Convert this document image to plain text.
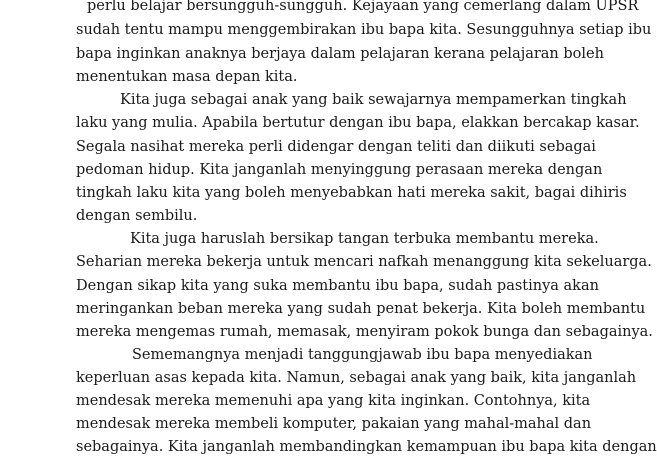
perlu belajar bersungguh-sungguh. Kejayaan yang cemerlang dalam UPSR

sudah tentu mampu menggembirakan ibu bapa kita. Sesungguhnya setiap ibu

bapa inginkan anaknya berjaya dalam pelajaran kerana pelajaran boleh

menentukan masa depan kita.

Kita juga sebagai anak yang baik sewajarnya mempamerkan tingkah

laku yang mulia. Apabila bertutur dengan ibu bapa, elakkan bercakap kasar.

Segala nasihat mereka perli didengar dengan teliti dan diikuti sebagai

pedoman hidup. Kita janganlah menyinggung perasaan mereka dengan

tingkah laku kita yang boleh menyebabkan hati mereka sakit, bagai dihiris

dengan sembilu.

Kita juga haruslah bersikap tangan terbuka membantu mereka.

Seharian mereka bekerja untuk mencari nafkah menanggung kita sekeluarga.

Dengan sikap kita yang suka membantu ibu bapa, sudah pastinya akan

meringankan beban mereka yang sudah penat bekerja. Kita boleh membantu

mereka mengemas rumah, memasak, menyiram pokok bunga dan sebagainya.

Sememangnya menjadi tanggungjawab ibu bapa menyediakan

keperluan asas kepada kita. Namun, sebagai anak yang baik, kita janganlah

mendesak mereka memenuhi apa yang kita inginkan. Contohnya, kita

mendesak mereka membeli komputer, pakaian yang mahal-mahal dan

sebagainya. Kita janganlah membandingkan kemampuan ibu bapa kita dengan
